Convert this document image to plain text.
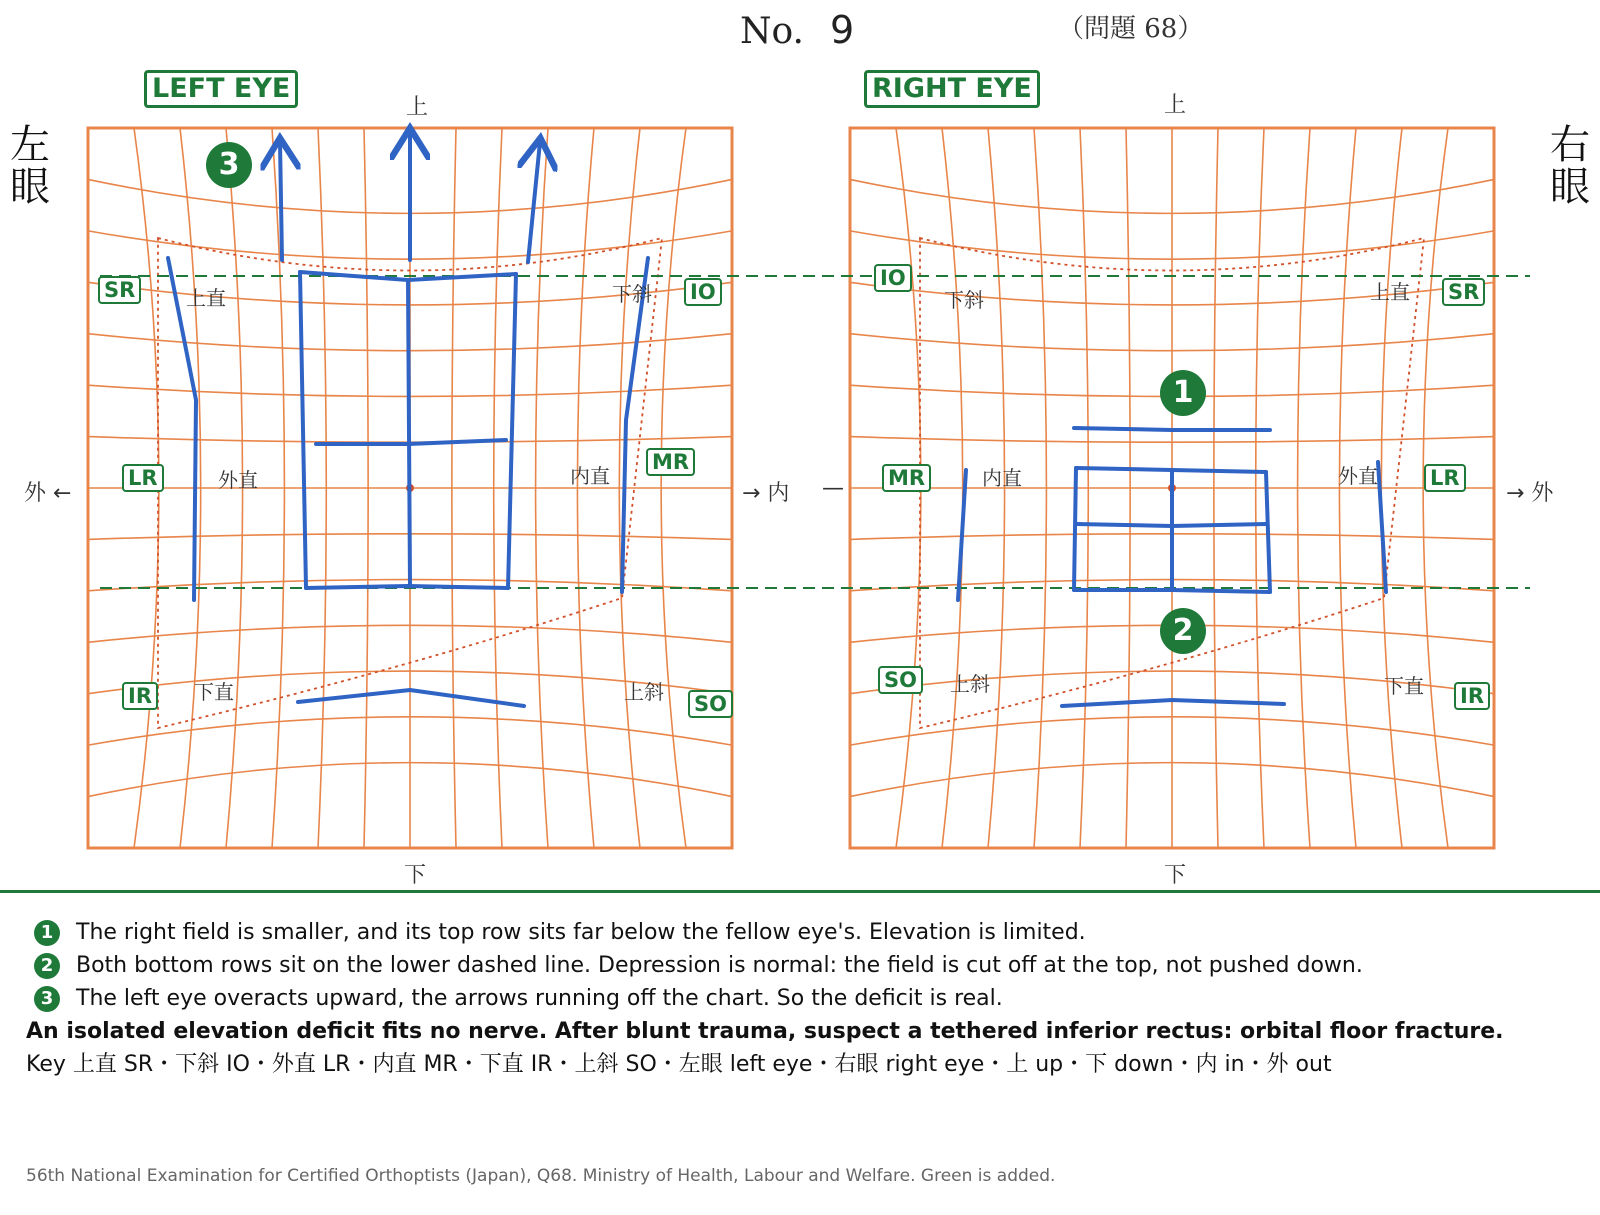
No. 9	（問題 68）
左
眼
右
眼
LEFT EYE	RIGHT EYE
SR	IO
LR
MR
IR	SO
IO
SR
MR	LR
SO
IR
3
1
2
上直	下斜
外直	内直
下直	上斜
下斜	上直
内直	外直
上斜	下直
上
下
外 ←	→ 内
上
下
→ 外
—
1	The right field is smaller, and its top row sits far below the fellow eye's. Elevation is limited.
2	Both bottom rows sit on the lower dashed line. Depression is normal: the field is cut off at the top, not pushed down.
3	The left eye overacts upward, the arrows running off the chart. So the deficit is real.
An isolated elevation deficit fits no nerve. After blunt trauma, suspect a tethered inferior rectus: orbital floor fracture.
Key 上直 SR・下斜 IO・外直 LR・内直 MR・下直 IR・上斜 SO・左眼 left eye・右眼 right eye・上 up・下 down・内 in・外 out
56th National Examination for Certified Orthoptists (Japan), Q68. Ministry of Health, Labour and Welfare. Green is added.
